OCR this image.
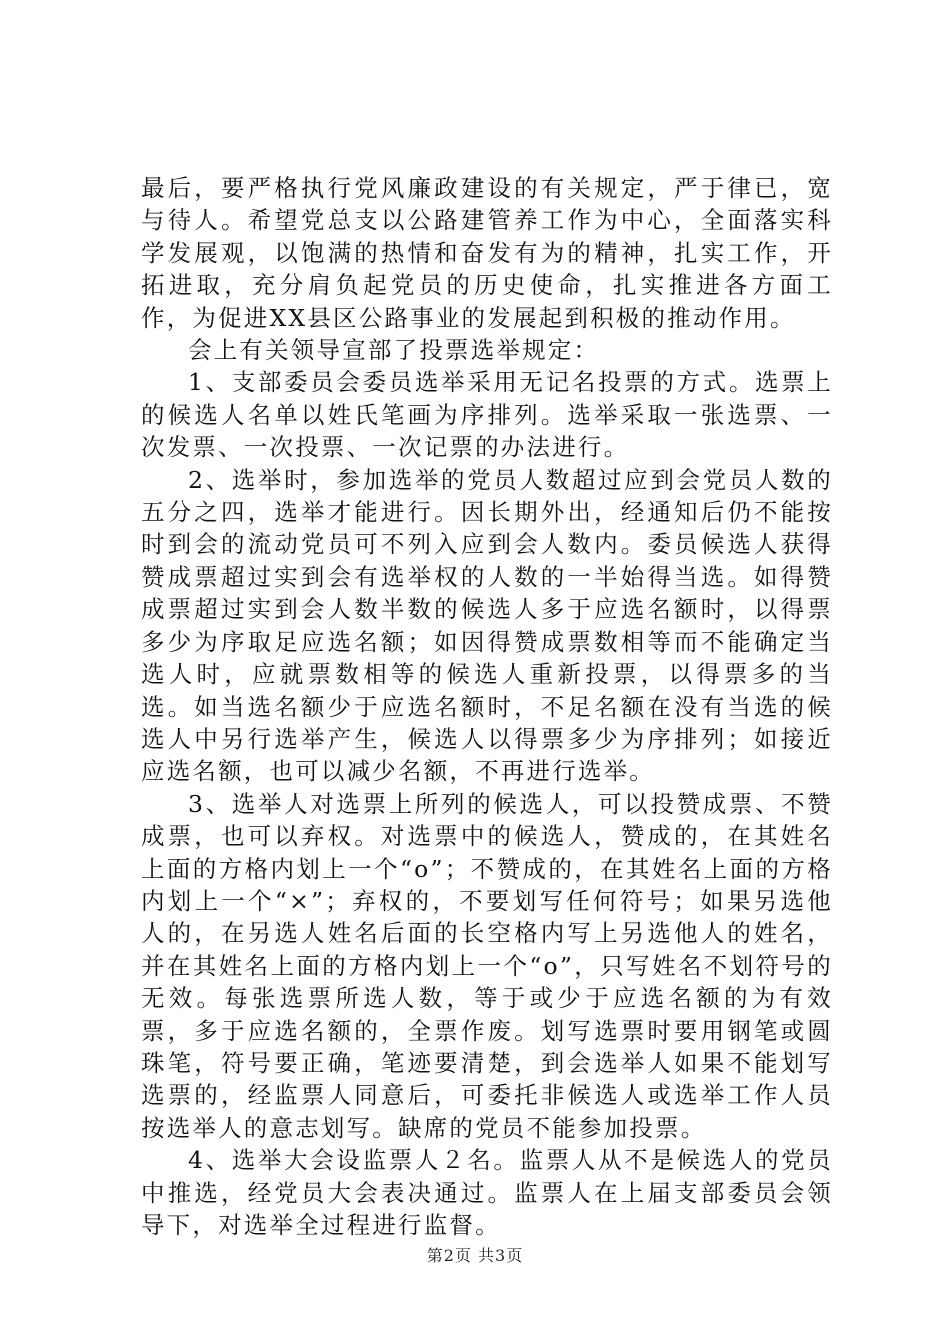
最后，要严格执行党风廉政建设的有关规定，严于律已，宽与待人。希望党总支以公路建管养工作为中心，全面落实科学发展观，以饱满的热情和奋发有为的精神，扎实工作，开拓进取，充分肩负起党员的历史使命，扎实推进各方面工作，为促进XX县区公路事业的发展起到积极的推动作用。

会上有关领导宣部了投票选举规定：

1、支部委员会委员选举采用无记名投票的方式。选票上的候选人名单以姓氏笔画为序排列。选举采取一张选票、一次发票、一次投票、一次记票的办法进行。

2、选举时，参加选举的党员人数超过应到会党员人数的五分之四，选举才能进行。因长期外出，经通知后仍不能按时到会的流动党员可不列入应到会人数内。委员候选人获得赞成票超过实到会有选举权的人数的一半始得当选。如得赞成票超过实到会人数半数的候选人多于应选名额时，以得票多少为序取足应选名额；如因得赞成票数相等而不能确定当选人时，应就票数相等的候选人重新投票，以得票多的当选。如当选名额少于应选名额时，不足名额在没有当选的候选人中另行选举产生，候选人以得票多少为序排列；如接近应选名额，也可以减少名额，不再进行选举。

3、选举人对选票上所列的候选人，可以投赞成票、不赞成票，也可以弃权。对选票中的候选人，赞成的，在其姓名上面的方格内划上一个“ο”；不赞成的，在其姓名上面的方格内划上一个“×”；弃权的，不要划写任何符号；如果另选他人的，在另选人姓名后面的长空格内写上另选他人的姓名，并在其姓名上面的方格内划上一个“ο”，只写姓名不划符号的无效。每张选票所选人数，等于或少于应选名额的为有效票，多于应选名额的，全票作废。划写选票时要用钢笔或圆珠笔，符号要正确，笔迹要清楚，到会选举人如果不能划写选票的，经监票人同意后，可委托非候选人或选举工作人员按选举人的意志划写。缺席的党员不能参加投票。

4、选举大会设监票人２名。监票人从不是候选人的党员中推选，经党员大会表决通过。监票人在上届支部委员会领导下，对选举全过程进行监督。

第2页 共3页
